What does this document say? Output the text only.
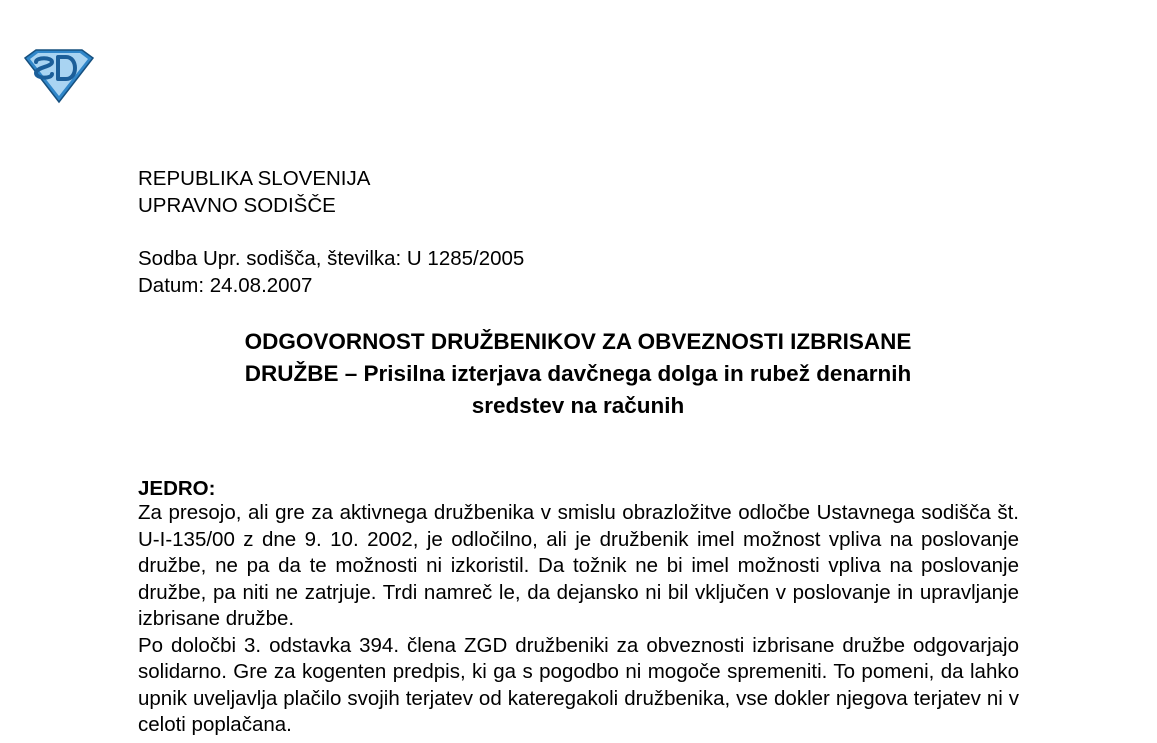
REPUBLIKA SLOVENIJA
UPRAVNO SODIŠČE
Sodba Upr. sodišča, številka: U 1285/2005
Datum: 24.08.2007
ODGOVORNOST DRUŽBENIKOV ZA OBVEZNOSTI IZBRISANE
DRUŽBE – Prisilna izterjava davčnega dolga in rubež denarnih
sredstev na računih
JEDRO:

Za presojo, ali gre za aktivnega družbenika v smislu obrazložitve odločbe Ustavnega sodišča št. U-I-135/00 z dne 9. 10. 2002, je odločilno, ali je družbenik imel možnost vpliva na poslovanje družbe, ne pa da te možnosti ni izkoristil. Da tožnik ne bi imel možnosti vpliva na poslovanje družbe, pa niti ne zatrjuje. Trdi namreč le, da dejansko ni bil vključen v poslovanje in upravljanje izbrisane družbe.

Po določbi 3. odstavka 394. člena ZGD družbeniki za obveznosti izbrisane družbe odgovarjajo solidarno. Gre za kogenten predpis, ki ga s pogodbo ni mogoče spremeniti. To pomeni, da lahko upnik uveljavlja plačilo svojih terjatev od kateregakoli družbenika, vse dokler njegova terjatev ni v celoti poplačana.
